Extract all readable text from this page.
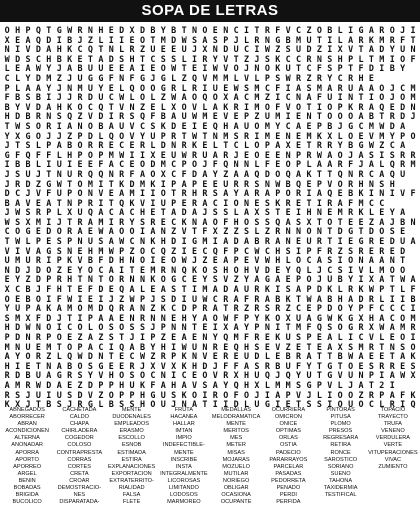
SOPA DE LETRAS
O H P Q T G W R N H E D X D B Y B T N O E N C I T R F V C Z O B L I G A R O J I
X E A Q D I B J Z L I I E O T M D W S A S P J L R N G B M U T I L A R K M R F T
N I V D A H K C Q T N L R Z U E E U J X N D U C I W Z S U D Z I X V T A D Y U N
W D S C H B K E T A D S H T C S S L I R Y V T Z J S K C C R N S H P L T M I O F
L E A W Y J A B U U E E A I E O W T E I W V O J N O K U T C F S P T F D I B Y
C L Y D M Z J U G G F N F G J G L Z Q V M M L V L P S W R Z R Y C R H E
P L A A Y J N M U Y E L Q O O G R L R I U E W S M C F I A S M A R U A A O J C M
F B S B I J J R D U C W L O L Z W A O Q O X A C M Z I C N A F U I N T I O J O M
B Y V D A H K O C Q T V N Z E L X O V L A K R I M O F V O T I O P K R A Q E D N
H D B R N S Q Z V D I R S Q F B A U W M E V E P Z U M I E N T O O O A B T R D J
T W S O R I A N O B A U V C S K D E I E Q H A U O M Y C A E P B J G C M W D A
Y X G O J J Z P D L Q O V Y U P R T W T N M S R I M E N E M K X L O E V M Y P O
J T S L P A B O R R E C E R L D N R K E L T C L O P A X E T R R Y B G W Z C A
G F Q F F L H P O P M W I I X E U W R U A R J E O E E N P R W A O J A S I S R R
I B B L I U I E E F A C E O D M C P O J F Q N N L F E O P L A A R F J A L Q R M
J S U J T N U R Q Q N R F A O X C F D A Y Z A A Q D O Q A K T T Q N R C A Q U
J R D Z G W T O M I T K D M K I P A P E E U R R S N W B Q E P V O R H N S H
D C J V F U P O N V E A M I I O T R H R S A Y A R A P O R I A Q E B K I N I V F
B A V E A T N P R I T Q K V I U P E R A C I O N E S K R E T I R A F M C C
J W S R P L X U Q A C A C H E T A D A J S S L A X S T E I H N E M R K L E Y A
W S X M I J T R A M I R Y S R E C K N A O F H O S S Q A S X T O T E E Z A J B N
C O G E D O R A E W A O O I A N Z V T F X Z Z S L Z R N N O N T D G T D O S E
T W L P E S P N U S A W C N K H D I G M I A D A B R A N E U R T I E G R E D U A
V I V A G S N E H M W P Z O C Q Z I E C Q F P C W C H S I P F R Z S R E R E D
U M U R I P K V B F D H N O I E O W J Z E A P E V W H L O C A S I O N A A N T
N D J D O Z E Y O C A I T E M R N Q K O S H O H V D E Y Q L J C S I V L M O O
E Y Z D P R H T N T O R N N K O G C E Y S V Z Y A G A E P O J U B Y I X A T W A
X C B J F H T E F D E Q A L E A S T I M A D A U R K I S A P D K L R K W P T L F
O E B O I F W I E I J Z W P J S D I U W C R A F R A B K T W A B H A D R L I I B
Y U P A K A M O M D Q R A N Z K C D P R A T R Z R S R Z C E P D O Y P F C C C I
S M X F D J T I P A A E N R N N E H Y A O W F P Y K O X U A G W K G X H A C O M
H D W N O I C O L O S O S S J P N N T E I X A Y P N I T M F Q S O G R X W A M R
P D N R P O E Z A Z S T J I P Z E A E N Y Q M F R E K U S P E A L I C V L E O I
M N U E M T O P A C I Q A B Y H I W U N R E Q H S E V Z E T E A X S M R T N S O
A Y O R Z L Q W D N T E C W Z R P K N V E R E U D L E B R A T T B W A E E T A K
H I E T N A B O S G E E R J X V X K H D J F F A S R B U F Y T G T O E S R R E S
R D B U A G R S Y V H O S O C N I C E O V R X H U Q J Q Y U T G V U N P I A W X
A M R W D A E Z D P P H U K F A H A V S A Y Q H X L M M S G P V L J A T 2 I
R S J U I U S D V Z O P P H G U S K O I R O F O J I A P V J L I O O Z R P A F K
K X J T B S J R G L B S S H O U J N A T I I D L U G I E T S S I O U O C L R I Q
ABNEGADOS
ABORRECER
ABRAN
ACONDICIONEN
ALTERNA
ANONADAR
APORRA
APORTO
APORREO
ARGEL
BENIN
BOBADAS
BRIGIDA
BUCOLICO
CACHETADA
CALDO
CHAPA
CHIRLADERA
COGEDOR
COLOSO
CONTRAPRESTA
CORRAS
CORTES
CRETA
CROAR
DEMOSTRACIO-
NES
DISPARATADA-
MENTE
DUODENALES
EMPLEADOS
ERASMO
ESCOLLO
ESNOB
ESTIMADA
ESTIRA
EXPLANACIONES
EXPORTACION
EXTRATERRITO-
RIALIDAD
FALSA
FLETE
FRUTA
HACANEA
HALLAR
IMTAN
IMPIO
INDEFECTIBLE-
MENTE
INSCRIBE
INSTA
INTEGRALMENTE
LICOROSAS
LIMITANDO
LODOSOS
MARMOREO
MEDALLAS
MELODRAMATICA
MENTE
MERITOS
MES
METER
MISAS
MOJARAS
MOZUELO
MUTILAR
NORIEGO
OBLIGAR
OCASIONA
OCUPANTE
OCURRIERA
OMICRON
ONICE
OPTIMAS
ORLAS
OSTIA
PADECIO
PARARRAYOS
PARCELAR
PASADAS
PEDORRETA
PENADO
PERDI
PERFIDA
PINTORAS
PITUSA
PLOMO
PRESOS
REGRESARA
RETIRA
RONCE
SAROSTICO
SORIANO
SUENO
TAHONA
TAXIDERMIA
TESTIFICAL
TOPACIO
TRAYECTO
TRUFA
VENENO
VERDULERA
VERTE
VITUPERACIONES
VIVAC
ZUMIENTO
